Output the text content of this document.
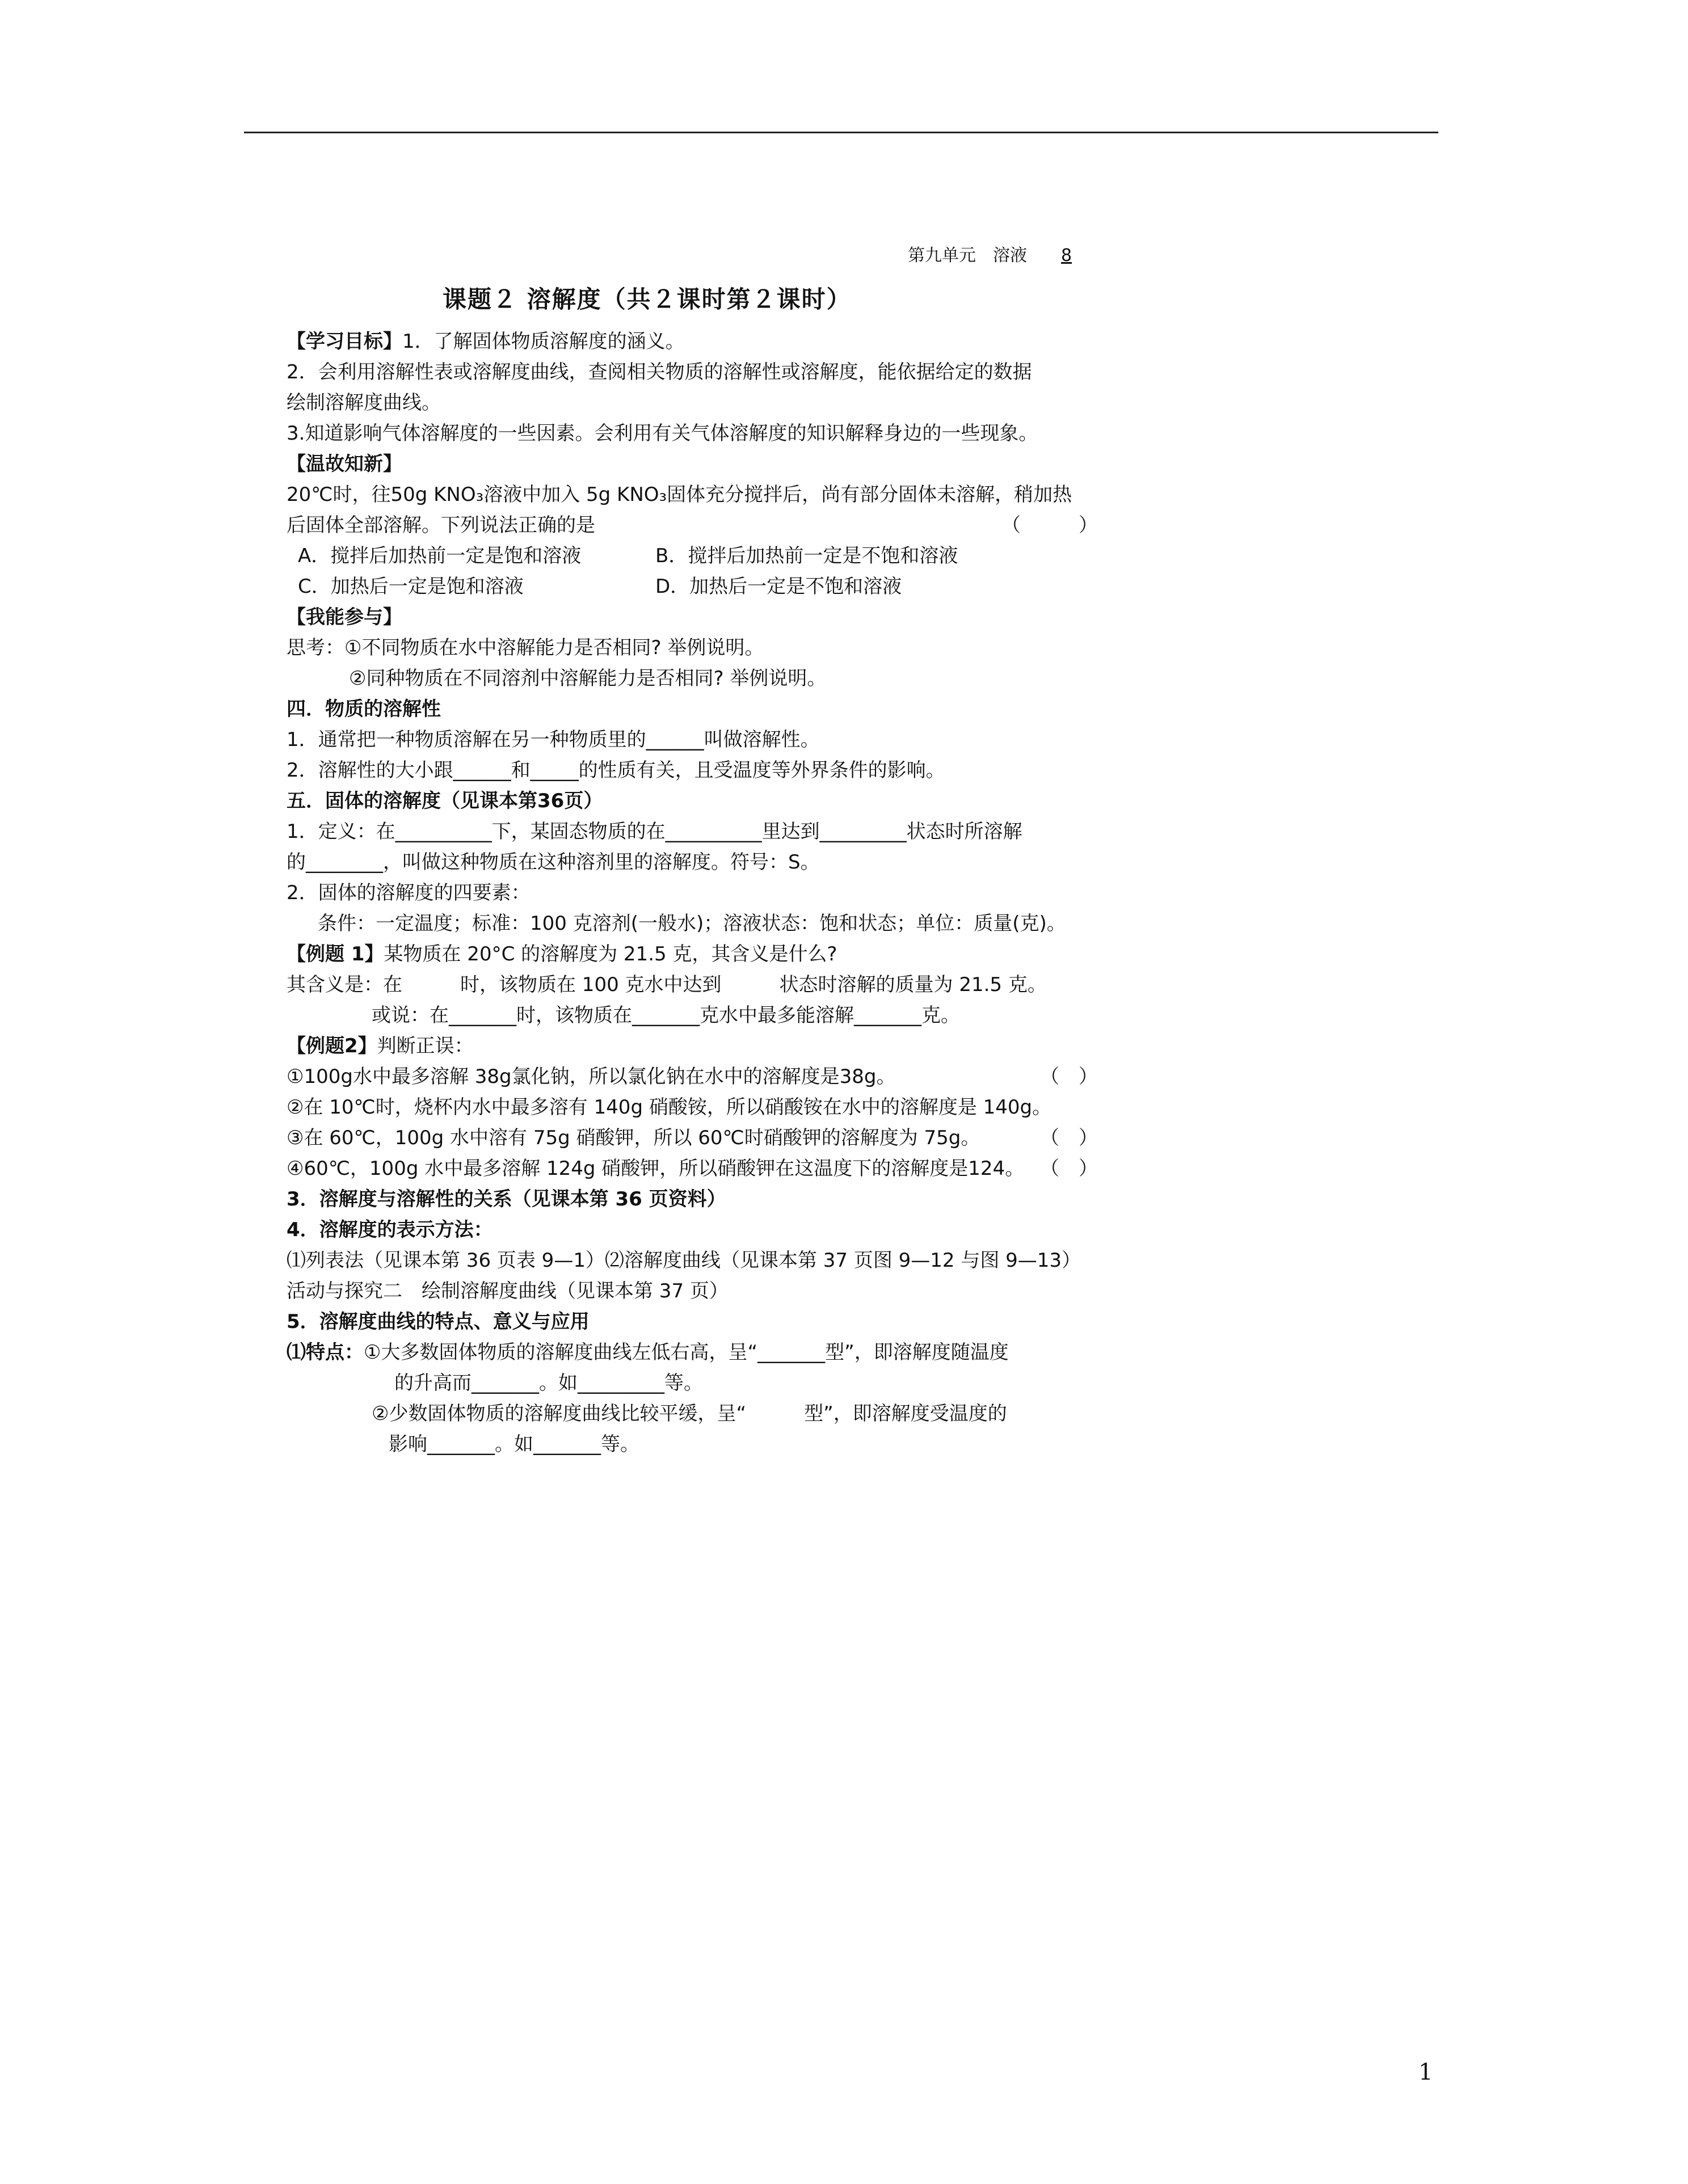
第九单元　溶液 8
课题２ 溶解度（共２课时第２课时）
【学习目标】1．了解固体物质溶解度的涵义。
2．会利用溶解性表或溶解度曲线，查阅相关物质的溶解性或溶解度，能依据给定的数据
绘制溶解度曲线。
3.知道影响气体溶解度的一些因素。会利用有关气体溶解度的知识解释身边的一些现象。
【温故知新】
20℃时，往50g KNO₃溶液中加入 5g KNO₃固体充分搅拌后，尚有部分固体未溶解，稍加热
后固体全部溶解。下列说法正确的是	（　　　）
A．搅拌后加热前一定是饱和溶液	B．搅拌后加热前一定是不饱和溶液
C．加热后一定是饱和溶液	D．加热后一定是不饱和溶液
【我能参与】
思考：①不同物质在水中溶解能力是否相同? 举例说明。
②同种物质在不同溶剂中溶解能力是否相同? 举例说明。
四．物质的溶解性
1．通常把一种物质溶解在另一种物质里的______叫做溶解性。
2．溶解性的大小跟______和_____的性质有关，且受温度等外界条件的影响。
五．固体的溶解度（见课本第36页）
1．定义：在__________下，某固态物质的在__________里达到_________状态时所溶解
的________，叫做这种物质在这种溶剂里的溶解度。符号：S。
2．固体的溶解度的四要素：
条件：一定温度；标准：100 克溶剂(一般水)；溶液状态：饱和状态；单位：质量(克)。
【例题 1】某物质在 20°C 的溶解度为 21.5 克，其含义是什么?
其含义是：在　　　时，该物质在 100 克水中达到　　　状态时溶解的质量为 21.5 克。
或说：在_______时，该物质在_______克水中最多能溶解_______克。
【例题2】判断正误：
①100g水中最多溶解 38g氯化钠，所以氯化钠在水中的溶解度是38g。	（　）
②在 10℃时，烧杯内水中最多溶有 140g 硝酸铵，所以硝酸铵在水中的溶解度是 140g。
③在 60℃，100g 水中溶有 75g 硝酸钾，所以 60℃时硝酸钾的溶解度为 75g。	（　）
④60℃，100g 水中最多溶解 124g 硝酸钾，所以硝酸钾在这温度下的溶解度是124。 （　）
3．溶解度与溶解性的关系（见课本第 36 页资料）
4．溶解度的表示方法：
⑴列表法（见课本第 36 页表 9—1）⑵溶解度曲线（见课本第 37 页图 9—12 与图 9—13）
活动与探究二　绘制溶解度曲线（见课本第 37 页）
5．溶解度曲线的特点、意义与应用
⑴特点：①大多数固体物质的溶解度曲线左低右高，呈“_______型”，即溶解度随温度
的升高而_______。如_________等。
②少数固体物质的溶解度曲线比较平缓，呈“　　　型”，即溶解度受温度的
影响_______。如_______等。
1
